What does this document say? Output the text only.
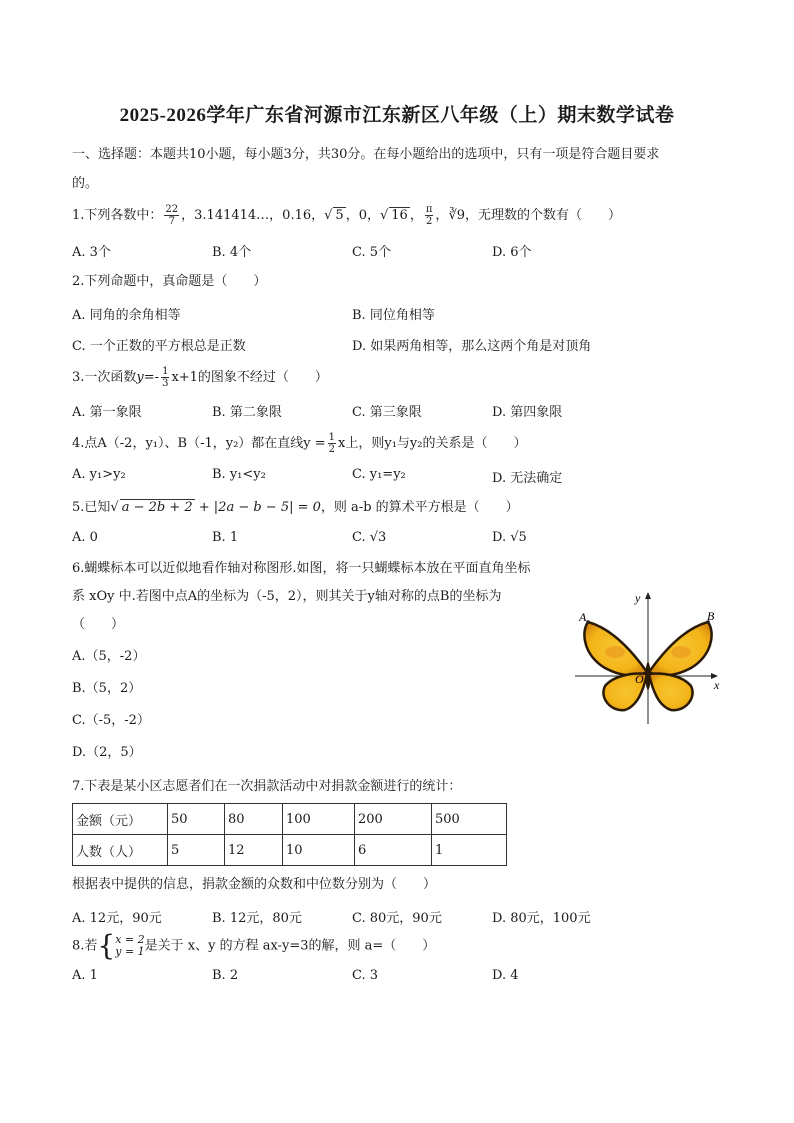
2025-2026学年广东省河源市江东新区八年级（上）期末数学试卷
一、选择题：本题共10小题，每小题3分，共30分。在每小题给出的选项中，只有一项是符合题目要求
的。
1.下列各数中： $\frac{22}{7}$ ，3.141414…，0.16，√ 5 ，0，√ 16 ， $\frac{\pi}{2}$ ，∛9，无理数的个数有（　　）
A. 3个	B. 4个	C. 5个	D. 6个
2.下列命题中，真命题是（　　）
A. 同角的余角相等	B. 同位角相等
C. 一个正数的平方根总是正数	D. 如果两角相等，那么这两个角是对顶角
3.一次函数$y=- \frac{1}{3} x+1$的图象不经过（　　）
A. 第一象限	B. 第二象限	C. 第三象限	D. 第四象限
4.点A（-2，y₁）、B（-1，y₂）都在直线$y = \frac{1}{2}$ x上，则y₁与y₂的关系是（　　）
A. y₁>y₂	B. y₁<y₂	C. y₁=y₂	D. 无法确定
5.已知√ a − 2b + 2 + |2a − b − 5| = 0，则 a-b 的算术平方根是（　　）
A. 0	B. 1	C. √3	D. √5
6.蝴蝶标本可以近似地看作轴对称图形.如图，将一只蝴蝶标本放在平面直角坐标
系 xOy 中.若图中点A的坐标为（-5，2），则其关于y轴对称的点B的坐标为
（　　）
A.（5，-2）
B.（5，2）
C.（-5，-2）
D.（2，5）
7.下表是某小区志愿者们在一次捐款活动中对捐款金额进行的统计：
金额（元）	50	80	100	200	500
人数（人）	5	12	10	6	1
根据表中提供的信息，捐款金额的众数和中位数分别为（　　）
A. 12元，90元	B. 12元，80元	C. 80元，90元	D. 80元，100元
8.若{ x = 2
y = 1 是关于 x、y 的方程 ax-y=3的解，则 a=（　　）
A. 1	B. 2	C. 3	D. 4
A	B
O	x
y
